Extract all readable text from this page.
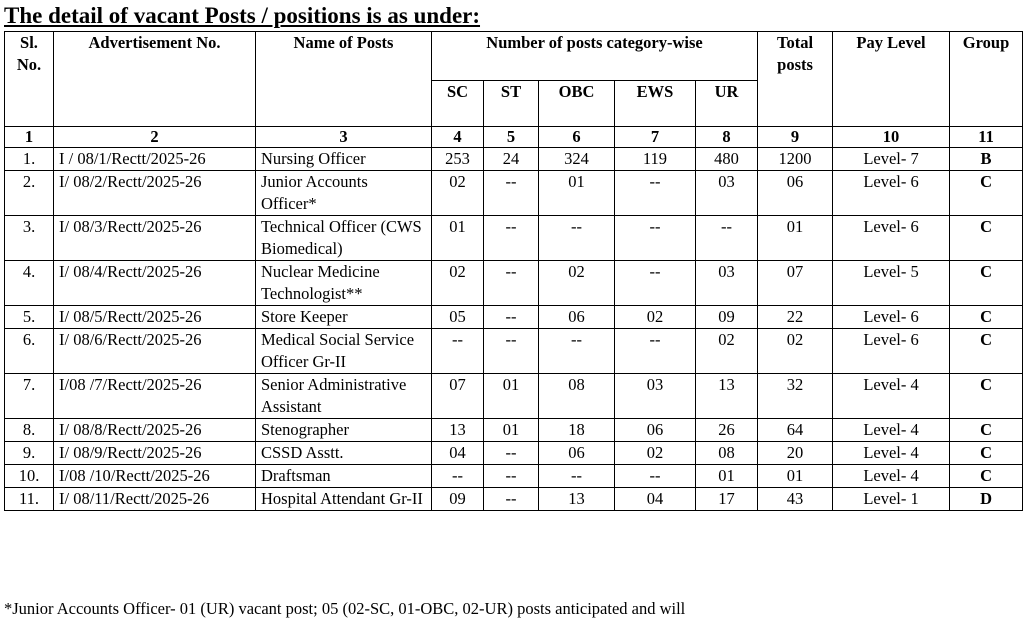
The detail of vacant Posts / positions is as under:
Sl. No.	Advertisement No.	Name of Posts	Number of posts category-wise					Total posts	Pay Level	Group
			SC	ST	OBC	EWS	UR			
1	2	3	4	5	6	7	8	9	10	11
1.	I / 08/1/Rectt/2025-26	Nursing Officer	253	24	324	119	480	1200	Level- 7	B
2.	I/ 08/2/Rectt/2025-26	Junior Accounts Officer*	02	--	01	--	03	06	Level- 6	C
3.	I/ 08/3/Rectt/2025-26	Technical Officer (CWS Biomedical)	01	--	--	--	--	01	Level- 6	C
4.	I/ 08/4/Rectt/2025-26	Nuclear Medicine Technologist**	02	--	02	--	03	07	Level- 5	C
5.	I/ 08/5/Rectt/2025-26	Store Keeper	05	--	06	02	09	22	Level- 6	C
6.	I/ 08/6/Rectt/2025-26	Medical Social Service Officer Gr-II	--	--	--	--	02	02	Level- 6	C
7.	I/08 /7/Rectt/2025-26	Senior Administrative Assistant	07	01	08	03	13	32	Level- 4	C
8.	I/ 08/8/Rectt/2025-26	Stenographer	13	01	18	06	26	64	Level- 4	C
9.	I/ 08/9/Rectt/2025-26	CSSD Asstt.	04	--	06	02	08	20	Level- 4	C
10.	I/08 /10/Rectt/2025-26	Draftsman	--	--	--	--	01	01	Level- 4	C
11.	I/ 08/11/Rectt/2025-26	Hospital Attendant Gr-II	09	--	13	04	17	43	Level- 1	D

*Junior Accounts Officer- 01 (UR) vacant post; 05 (02-SC, 01-OBC, 02-UR) posts anticipated and will
